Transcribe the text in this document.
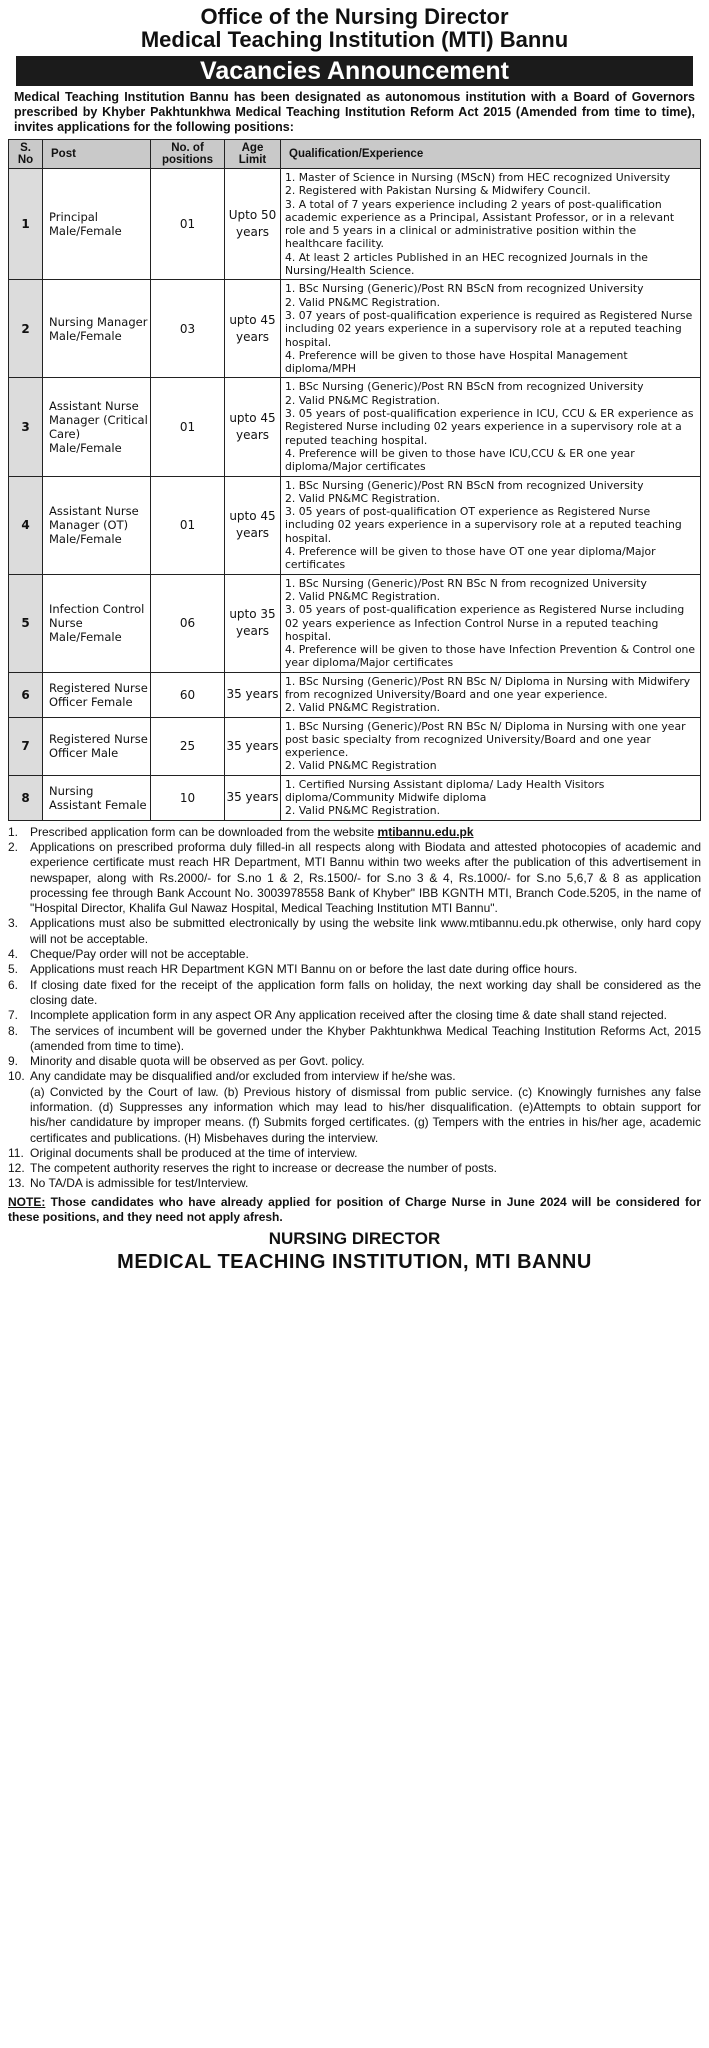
Office of the Nursing Director
Medical Teaching Institution (MTI) Bannu
Vacancies Announcement
Medical Teaching Institution Bannu has been designated as autonomous institution with a Board of Governors prescribed by Khyber Pakhtunkhwa Medical Teaching Institution Reform Act 2015 (Amended from time to time), invites applications for the following positions:
S. No	Post	No. of positions	Age Limit	Qualification/Experience
1	Principal Male/Female	01	Upto 50 years	1. Master of Science in Nursing (MScN) from HEC recognized University
2. Registered with Pakistan Nursing & Midwifery Council.
3. A total of 7 years experience including 2 years of post-qualification academic experience as a Principal, Assistant Professor, or in a relevant role and 5 years in a clinical or administrative position within the healthcare facility.
4. At least 2 articles Published in an HEC recognized Journals in the Nursing/Health Science.

2	Nursing Manager Male/Female	03	upto 45 years	1. BSc Nursing (Generic)/Post RN BScN from recognized University
2. Valid PN&MC Registration.
3. 07 years of post-qualification experience is required as Registered Nurse including 02 years experience in a supervisory role at a reputed teaching hospital.
4. Preference will be given to those have Hospital Management diploma/MPH

3	Assistant Nurse Manager (Critical Care) Male/Female	01	upto 45 years	1. BSc Nursing (Generic)/Post RN BScN from recognized University
2. Valid PN&MC Registration.
3. 05 years of post-qualification experience in ICU, CCU & ER experience as Registered Nurse including 02 years experience in a supervisory role at a reputed teaching hospital.
4. Preference will be given to those have ICU,CCU & ER one year diploma/Major certificates

4	Assistant Nurse Manager (OT) Male/Female	01	upto 45 years	1. BSc Nursing (Generic)/Post RN BScN from recognized University
2. Valid PN&MC Registration.
3. 05 years of post-qualification OT experience as Registered Nurse including 02 years experience in a supervisory role at a reputed teaching hospital.
4. Preference will be given to those have OT one year diploma/Major certificates

5	Infection Control Nurse Male/Female	06	upto 35 years	1. BSc Nursing (Generic)/Post RN BSc N from recognized University
2. Valid PN&MC Registration.
3. 05 years of post-qualification experience as Registered Nurse including 02 years experience as Infection Control Nurse in a reputed teaching hospital.
4. Preference will be given to those have Infection Prevention & Control one year diploma/Major certificates

6	Registered Nurse Officer Female	60	35 years	1. BSc Nursing (Generic)/Post RN BSc N/ Diploma in Nursing with Midwifery from recognized University/Board and one year experience.
2. Valid PN&MC Registration.

7	Registered Nurse Officer Male	25	35 years	1. BSc Nursing (Generic)/Post RN BSc N/ Diploma in Nursing with one year post basic specialty from recognized University/Board and one year experience.
2. Valid PN&MC Registration

8	Nursing Assistant Female	10	35 years	1. Certified Nursing Assistant diploma/ Lady Health Visitors diploma/Community Midwife diploma
2. Valid PN&MC Registration.
1. Prescribed application form can be downloaded from the website mtibannu.edu.pk
2. Applications on prescribed proforma duly filled-in all respects along with Biodata and attested photocopies of academic and experience certificate must reach HR Department, MTI Bannu within two weeks after the publication of this advertisement in newspaper, along with Rs.2000/- for S.no 1 & 2, Rs.1500/- for S.no 3 & 4, Rs.1000/- for S.no 5,6,7 & 8 as application processing fee through Bank Account No. 3003978558 Bank of Khyber" IBB KGNTH MTI, Branch Code.5205, in the name of "Hospital Director, Khalifa Gul Nawaz Hospital, Medical Teaching Institution MTI Bannu".
3. Applications must also be submitted electronically by using the website link www.mtibannu.edu.pk otherwise, only hard copy will not be acceptable.
4. Cheque/Pay order will not be acceptable.
5. Applications must reach HR Department KGN MTI Bannu on or before the last date during office hours.
6. If closing date fixed for the receipt of the application form falls on holiday, the next working day shall be considered as the closing date.
7. Incomplete application form in any aspect OR Any application received after the closing time & date shall stand rejected.
8. The services of incumbent will be governed under the Khyber Pakhtunkhwa Medical Teaching Institution Reforms Act, 2015 (amended from time to time).
9. Minority and disable quota will be observed as per Govt. policy.
10. Any candidate may be disqualified and/or excluded from interview if he/she was.
(a) Convicted by the Court of law. (b) Previous history of dismissal from public service. (c) Knowingly furnishes any false information. (d) Suppresses any information which may lead to his/her disqualification. (e)Attempts to obtain support for his/her candidature by improper means. (f) Submits forged certificates. (g) Tempers with the entries in his/her age, academic certificates and publications. (H) Misbehaves during the interview.
11. Original documents shall be produced at the time of interview.
12. The competent authority reserves the right to increase or decrease the number of posts.
13. No TA/DA is admissible for test/Interview.
NOTE: Those candidates who have already applied for position of Charge Nurse in June 2024 will be considered for these positions, and they need not apply afresh.
NURSING DIRECTOR
MEDICAL TEACHING INSTITUTION, MTI BANNU
